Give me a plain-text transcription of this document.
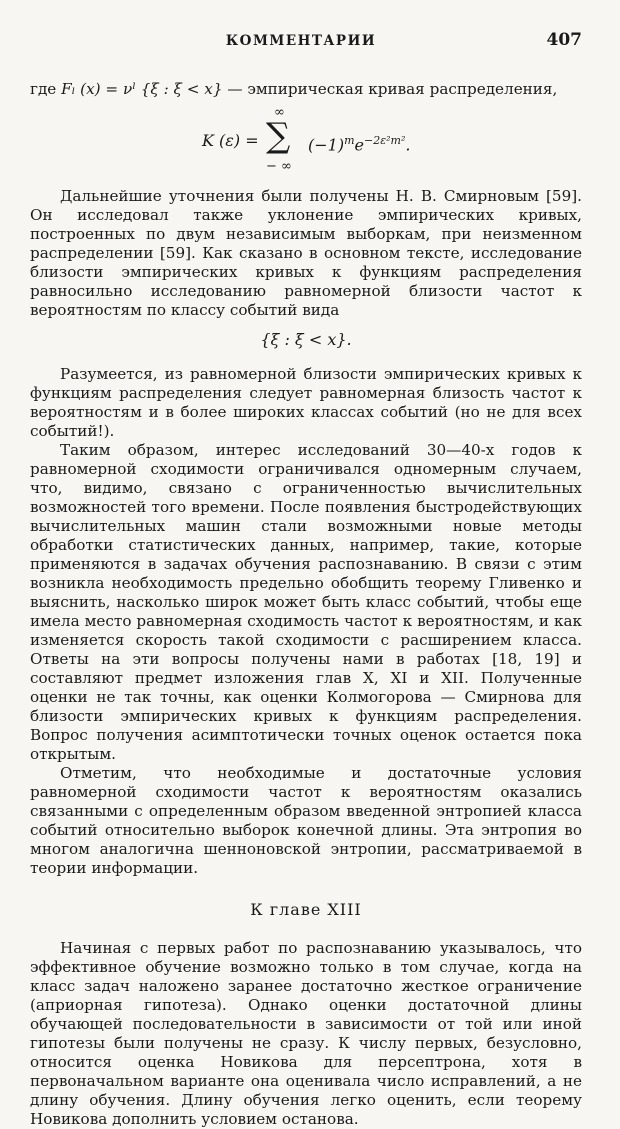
КОММЕНТАРИИ	407

где Fₗ (x) = νˡ {ξ : ξ < x} — эмпирическая кривая распределения,

K (ε) =
∞
∑
− ∞
$(-1)^me^{-2\varepsilon^2m^2}$.

Дальнейшие уточнения были получены Н. В. Смирновым [59]. Он исследовал также уклонение эмпирических кривых, построенных по двум независимым выборкам, при неизменном распределении [59]. Как сказано в основном тексте, исследование близости эмпирических кривых к функциям распределения равносильно исследованию равномерной близости частот к вероятностям по классу событий вида

{ξ : ξ < x}.

Разумеется, из равномерной близости эмпирических кривых к функциям распределения следует равномерная близость частот к вероятностям и в более широких классах событий (но не для всех событий!).

Таким образом, интерес исследований 30—40-х годов к равномерной сходимости ограничивался одномерным случаем, что, видимо, связано с ограниченностью вычислительных возможностей того времени. После появления быстродействующих вычислительных машин стали возможными новые методы обработки статистических данных, например, такие, которые применяются в задачах обучения распознаванию. В связи с этим возникла необходимость предельно обобщить теорему Гливенко и выяснить, насколько широк может быть класс событий, чтобы еще имела место равномерная сходимость частот к вероятностям, и как изменяется скорость такой сходимости с расширением класса. Ответы на эти вопросы получены нами в работах [18, 19] и составляют предмет изложения глав X, XI и XII. Полученные оценки не так точны, как оценки Колмогорова — Смирнова для близости эмпирических кривых к функциям распределения. Вопрос получения асимптотически точных оценок остается пока открытым.

Отметим, что необходимые и достаточные условия равномерной сходимости частот к вероятностям оказались связанными с определенным образом введенной энтропией класса событий относительно выборок конечной длины. Эта энтропия во многом аналогична шенноновской энтропии, рассматриваемой в теории информации.

К главе XIII

Начиная с первых работ по распознаванию указывалось, что эффективное обучение возможно только в том случае, когда на класс задач наложено заранее достаточно жесткое ограничение (априорная гипотеза). Однако оценки достаточной длины обучающей последовательности в зависимости от той или иной гипотезы были получены не сразу. К числу первых, безусловно, относится оценка Новикова для персептрона, хотя в первоначальном варианте она оценивала число исправлений, а не длину обучения. Длину обучения легко оценить, если теорему Новикова дополнить условием останова.
